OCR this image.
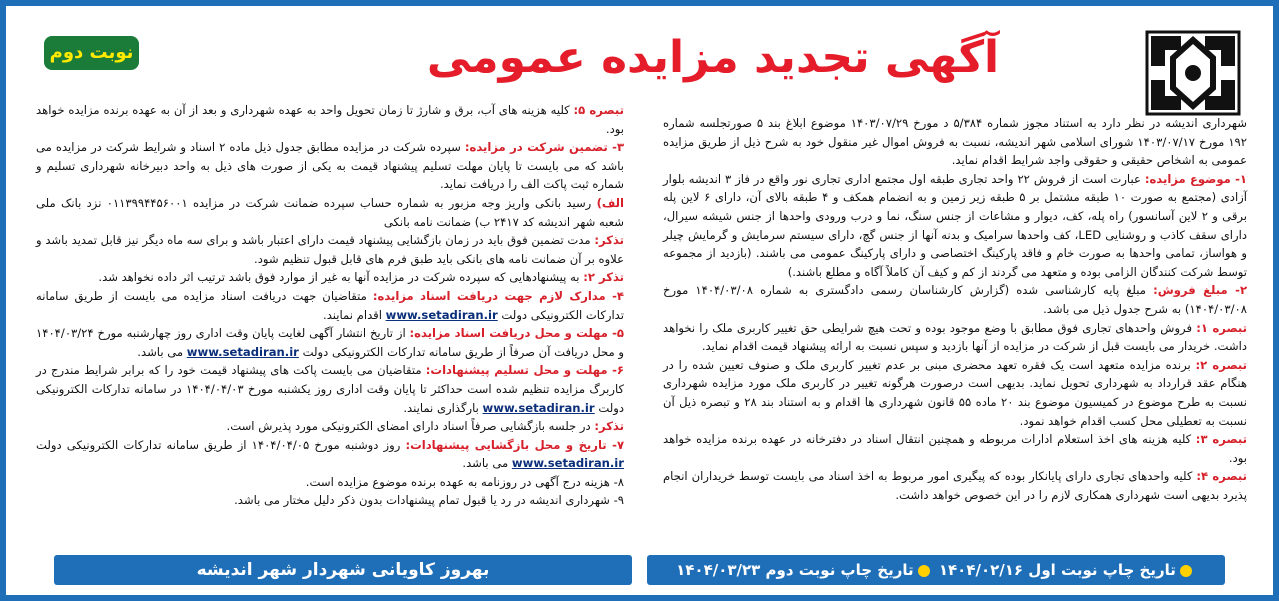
آگهی تجدید مزایده عمومی
نوبت دوم

شهرداری اندیشه در نظر دارد به استناد مجوز شماره ۵/۳۸۴ د مورخ ۱۴۰۳/۰۷/۲۹ موضوع ابلاغ بند ۵ صورتجلسه شماره ۱۹۲ مورخ ۱۴۰۳/۰۷/۱۷ شورای اسلامی شهر اندیشه، نسبت به فروش اموال غیر منقول خود به شرح ذیل از طریق مزایده عمومی به اشخاص حقیقی و حقوقی واجد شرایط اقدام نماید.

۱- موضوع مزایده: عبارت است از فروش ۲۲ واحد تجاری طبقه اول مجتمع اداری تجاری نور واقع در فاز ۳ اندیشه بلوار آزادی (مجتمع به صورت ۱۰ طبقه مشتمل بر ۵ طبقه زیر زمین و به انضمام همکف و ۴ طبقه بالای آن، دارای ۶ لاین پله برقی و ۲ لاین آسانسور) راه پله، کف، دیوار و مشاعات از جنس سنگ، نما و درب ورودی واحدها از جنس شیشه سیرال، دارای سقف کاذب و روشنایی LED، کف واحدها سرامیک و بدنه آنها از جنس گچ، دارای سیستم سرمایش و گرمایش چیلر و هواساز، تمامی واحدها به صورت خام و فاقد پارکینگ اختصاصی و دارای پارکینگ عمومی می باشند. (بازدید از مجموعه توسط شرکت کنندگان الزامی بوده و متعهد می گردند از کم و کیف آن کاملاً آگاه و مطلع باشند.)

۲- مبلغ فروش: مبلغ پایه کارشناسی شده (گزارش کارشناسان رسمی دادگستری به شماره ۱۴۰۴/۰۳/۰۸ مورخ ۱۴۰۴/۰۳/۰۸) به شرح جدول ذیل می باشد.

تبصره ۱: فروش واحدهای تجاری فوق مطابق با وضع موجود بوده و تحت هیچ شرایطی حق تغییر کاربری ملک را نخواهد داشت. خریدار می بایست قبل از شرکت در مزایده از آنها بازدید و سپس نسبت به ارائه پیشنهاد قیمت اقدام نماید.

تبصره ۲: برنده مزایده متعهد است یک فقره تعهد محضری مبنی بر عدم تغییر کاربری ملک و صنوف تعیین شده را در هنگام عقد قرارداد به شهرداری تحویل نماید. بدیهی است درصورت هرگونه تغییر در کاربری ملک مورد مزایده شهرداری نسبت به طرح موضوع در کمیسیون موضوع بند ۲۰ ماده ۵۵ قانون شهرداری ها اقدام و به استناد بند ۲۸ و تبصره ذیل آن نسبت به تعطیلی محل کسب اقدام خواهد نمود.

تبصره ۳: کلیه هزینه های اخذ استعلام ادارات مربوطه و همچنین انتقال اسناد در دفترخانه در عهده برنده مزایده خواهد بود.

تبصره ۴: کلیه واحدهای تجاری دارای پایانکار بوده که پیگیری امور مربوط به اخذ اسناد می بایست توسط خریداران انجام پذیرد بدیهی است شهرداری همکاری لازم را در این خصوص خواهد داشت.

تبصره ۵: کلیه هزینه های آب، برق و شارژ تا زمان تحویل واحد به عهده شهرداری و بعد از آن به عهده برنده مزایده خواهد بود.

۳- تضمین شرکت در مزایده: سپرده شرکت در مزایده مطابق جدول ذیل ماده ۲ اسناد و شرایط شرکت در مزایده می باشد که می بایست تا پایان مهلت تسلیم پیشنهاد قیمت به یکی از صورت های ذیل به واحد دبیرخانه شهرداری تسلیم و شماره ثبت پاکت الف را دریافت نماید.

الف) رسید بانکی واریز وجه مزبور به شماره حساب سپرده ضمانت شرکت در مزایده ۰۱۱۳۹۹۴۴۵۶۰۰۱ نزد بانک ملی شعبه شهر اندیشه کد ۲۴۱۷ ب) ضمانت نامه بانکی

تذکر: مدت تضمین فوق باید در زمان بازگشایی پیشنهاد قیمت دارای اعتبار باشد و برای سه ماه دیگر نیز قابل تمدید باشد و علاوه بر آن ضمانت نامه های بانکی باید طبق فرم های قابل قبول تنظیم شود.

تذکر ۲: به پیشنهادهایی که سپرده شرکت در مزایده آنها به غیر از موارد فوق باشد ترتیب اثر داده نخواهد شد.

۴- مدارک لازم جهت دریافت اسناد مزایده: متقاضیان جهت دریافت اسناد مزایده می بایست از طریق سامانه تدارکات الکترونیکی دولت www.setadiran.ir اقدام نمایند.

۵- مهلت و محل دریافت اسناد مزایده: از تاریخ انتشار آگهی لغایت پایان وقت اداری روز چهارشنبه مورخ ۱۴۰۴/۰۳/۲۴ و محل دریافت آن صرفاً از طریق سامانه تدارکات الکترونیکی دولت www.setadiran.ir می باشد.

۶- مهلت و محل تسلیم پیشنهادات: متقاضیان می بایست پاکت های پیشنهاد قیمت خود را که برابر شرایط مندرج در کاربرگ مزایده تنظیم شده است حداکثر تا پایان وقت اداری روز یکشنبه مورخ ۱۴۰۴/۰۴/۰۳ در سامانه تدارکات الکترونیکی دولت www.setadiran.ir بارگذاری نمایند.

تذکر: در جلسه بازگشایی صرفاً اسناد دارای امضای الکترونیکی مورد پذیرش است.

۷- تاریخ و محل بازگشایی پیشنهادات: روز دوشنبه مورخ ۱۴۰۴/۰۴/۰۵ از طریق سامانه تدارکات الکترونیکی دولت www.setadiran.ir می باشد.

۸- هزینه درج آگهی در روزنامه به عهده برنده موضوع مزایده است.

۹- شهرداری اندیشه در رد یا قبول تمام پیشنهادات بدون ذکر دلیل مختار می باشد.

بهروز کاویانی شهردار شهر اندیشه	تاریخ چاپ نوبت اول ۱۴۰۴/۰۲/۱۶ تاریخ چاپ نوبت دوم ۱۴۰۴/۰۳/۲۳
